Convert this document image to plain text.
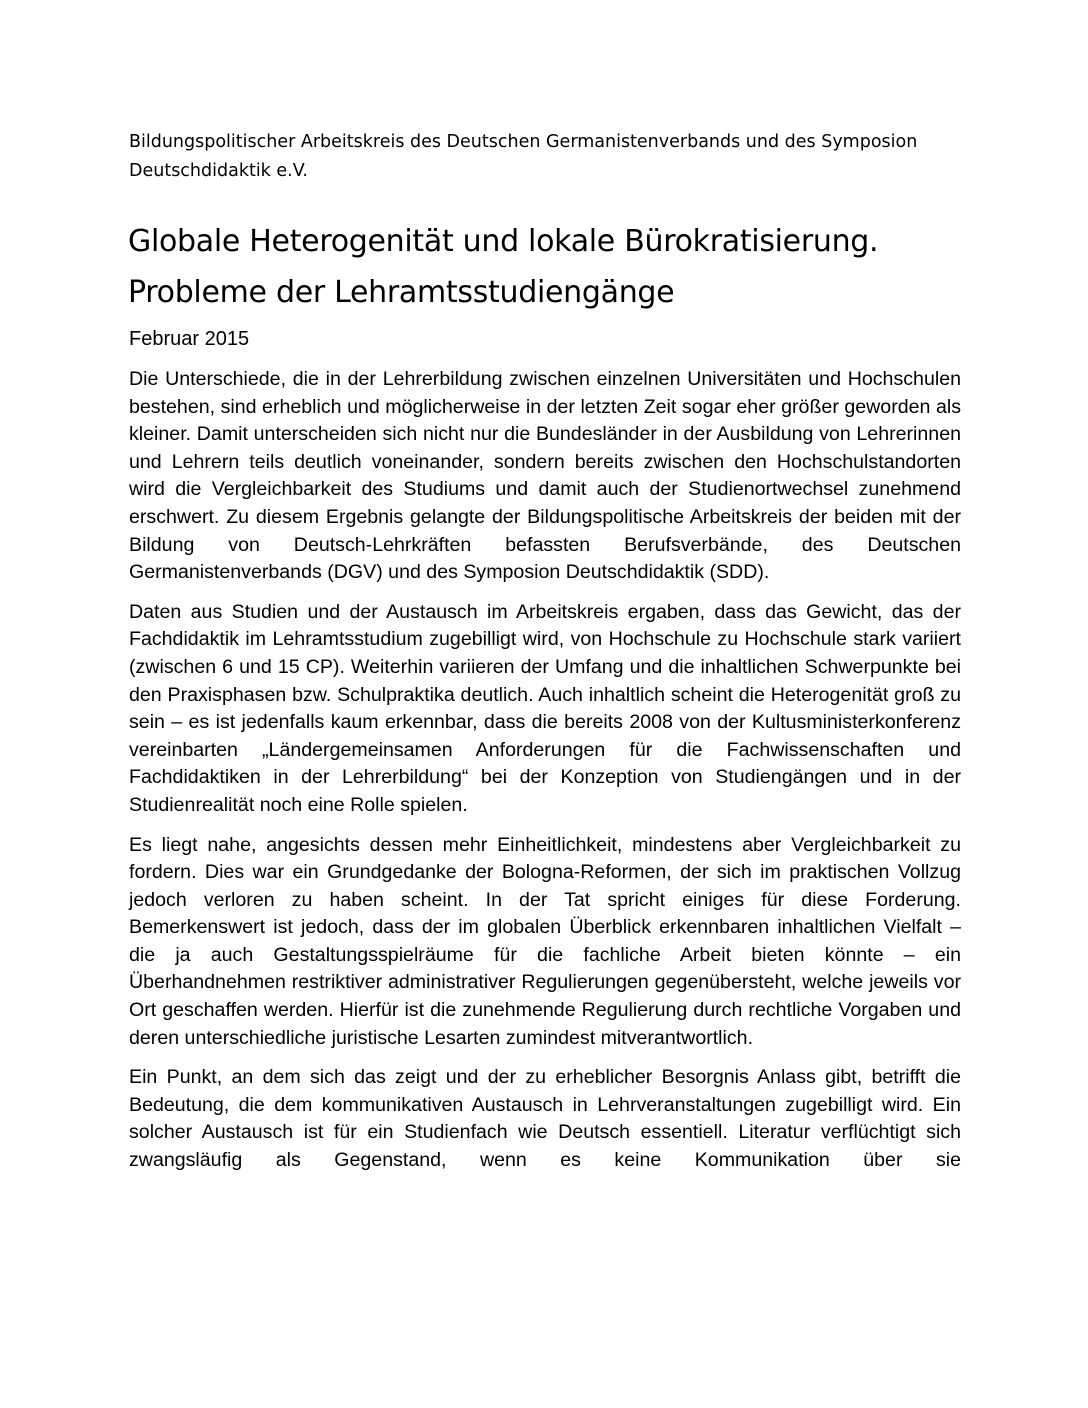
Bildungspolitischer Arbeitskreis des Deutschen Germanistenverbands und des Symposion Deutschdidaktik e.V.

Globale Heterogenität und lokale Bürokratisierung.
Probleme der Lehramtsstudiengänge

Februar 2015

Die Unterschiede, die in der Lehrerbildung zwischen einzelnen Universitäten und Hochschulen bestehen, sind erheblich und möglicherweise in der letzten Zeit sogar eher größer geworden als kleiner. Damit unterscheiden sich nicht nur die Bundesländer in der Ausbildung von Lehrerinnen und Lehrern teils deutlich voneinander, sondern bereits zwischen den Hochschulstandorten wird die Vergleichbarkeit des Studiums und damit auch der Studienortwechsel zunehmend erschwert. Zu diesem Ergebnis gelangte der Bildungspolitische Arbeitskreis der beiden mit der Bildung von Deutsch-Lehrkräften befassten Berufsverbände, des Deutschen Germanistenverbands (DGV) und des Symposion Deutschdidaktik (SDD).

Daten aus Studien und der Austausch im Arbeitskreis ergaben, dass das Gewicht, das der Fachdidaktik im Lehramtsstudium zugebilligt wird, von Hochschule zu Hochschule stark variiert (zwischen 6 und 15 CP). Weiterhin variieren der Umfang und die inhaltlichen Schwerpunkte bei den Praxisphasen bzw. Schulpraktika deutlich. Auch inhaltlich scheint die Heterogenität groß zu sein – es ist jedenfalls kaum erkennbar, dass die bereits 2008 von der Kultusministerkonferenz vereinbarten „Ländergemeinsamen Anforderungen für die Fachwissenschaften und Fachdidaktiken in der Lehrerbildung“ bei der Konzeption von Studiengängen und in der Studienrealität noch eine Rolle spielen.

Es liegt nahe, angesichts dessen mehr Einheitlichkeit, mindestens aber Vergleichbarkeit zu fordern. Dies war ein Grundgedanke der Bologna-Reformen, der sich im praktischen Vollzug jedoch verloren zu haben scheint. In der Tat spricht einiges für diese Forderung. Bemerkenswert ist jedoch, dass der im globalen Überblick erkennbaren inhaltlichen Vielfalt – die ja auch Gestaltungsspielräume für die fachliche Arbeit bieten könnte – ein Überhandnehmen restriktiver administrativer Regulierungen gegenübersteht, welche jeweils vor Ort geschaffen werden. Hierfür ist die zunehmende Regulierung durch rechtliche Vorgaben und deren unterschiedliche juristische Lesarten zumindest mitverantwortlich.

Ein Punkt, an dem sich das zeigt und der zu erheblicher Besorgnis Anlass gibt, betrifft die Bedeutung, die dem kommunikativen Austausch in Lehrveranstaltungen zugebilligt wird. Ein solcher Austausch ist für ein Studienfach wie Deutsch essentiell. Literatur verflüchtigt sich zwangsläufig als Gegenstand, wenn es keine Kommunikation über sie
